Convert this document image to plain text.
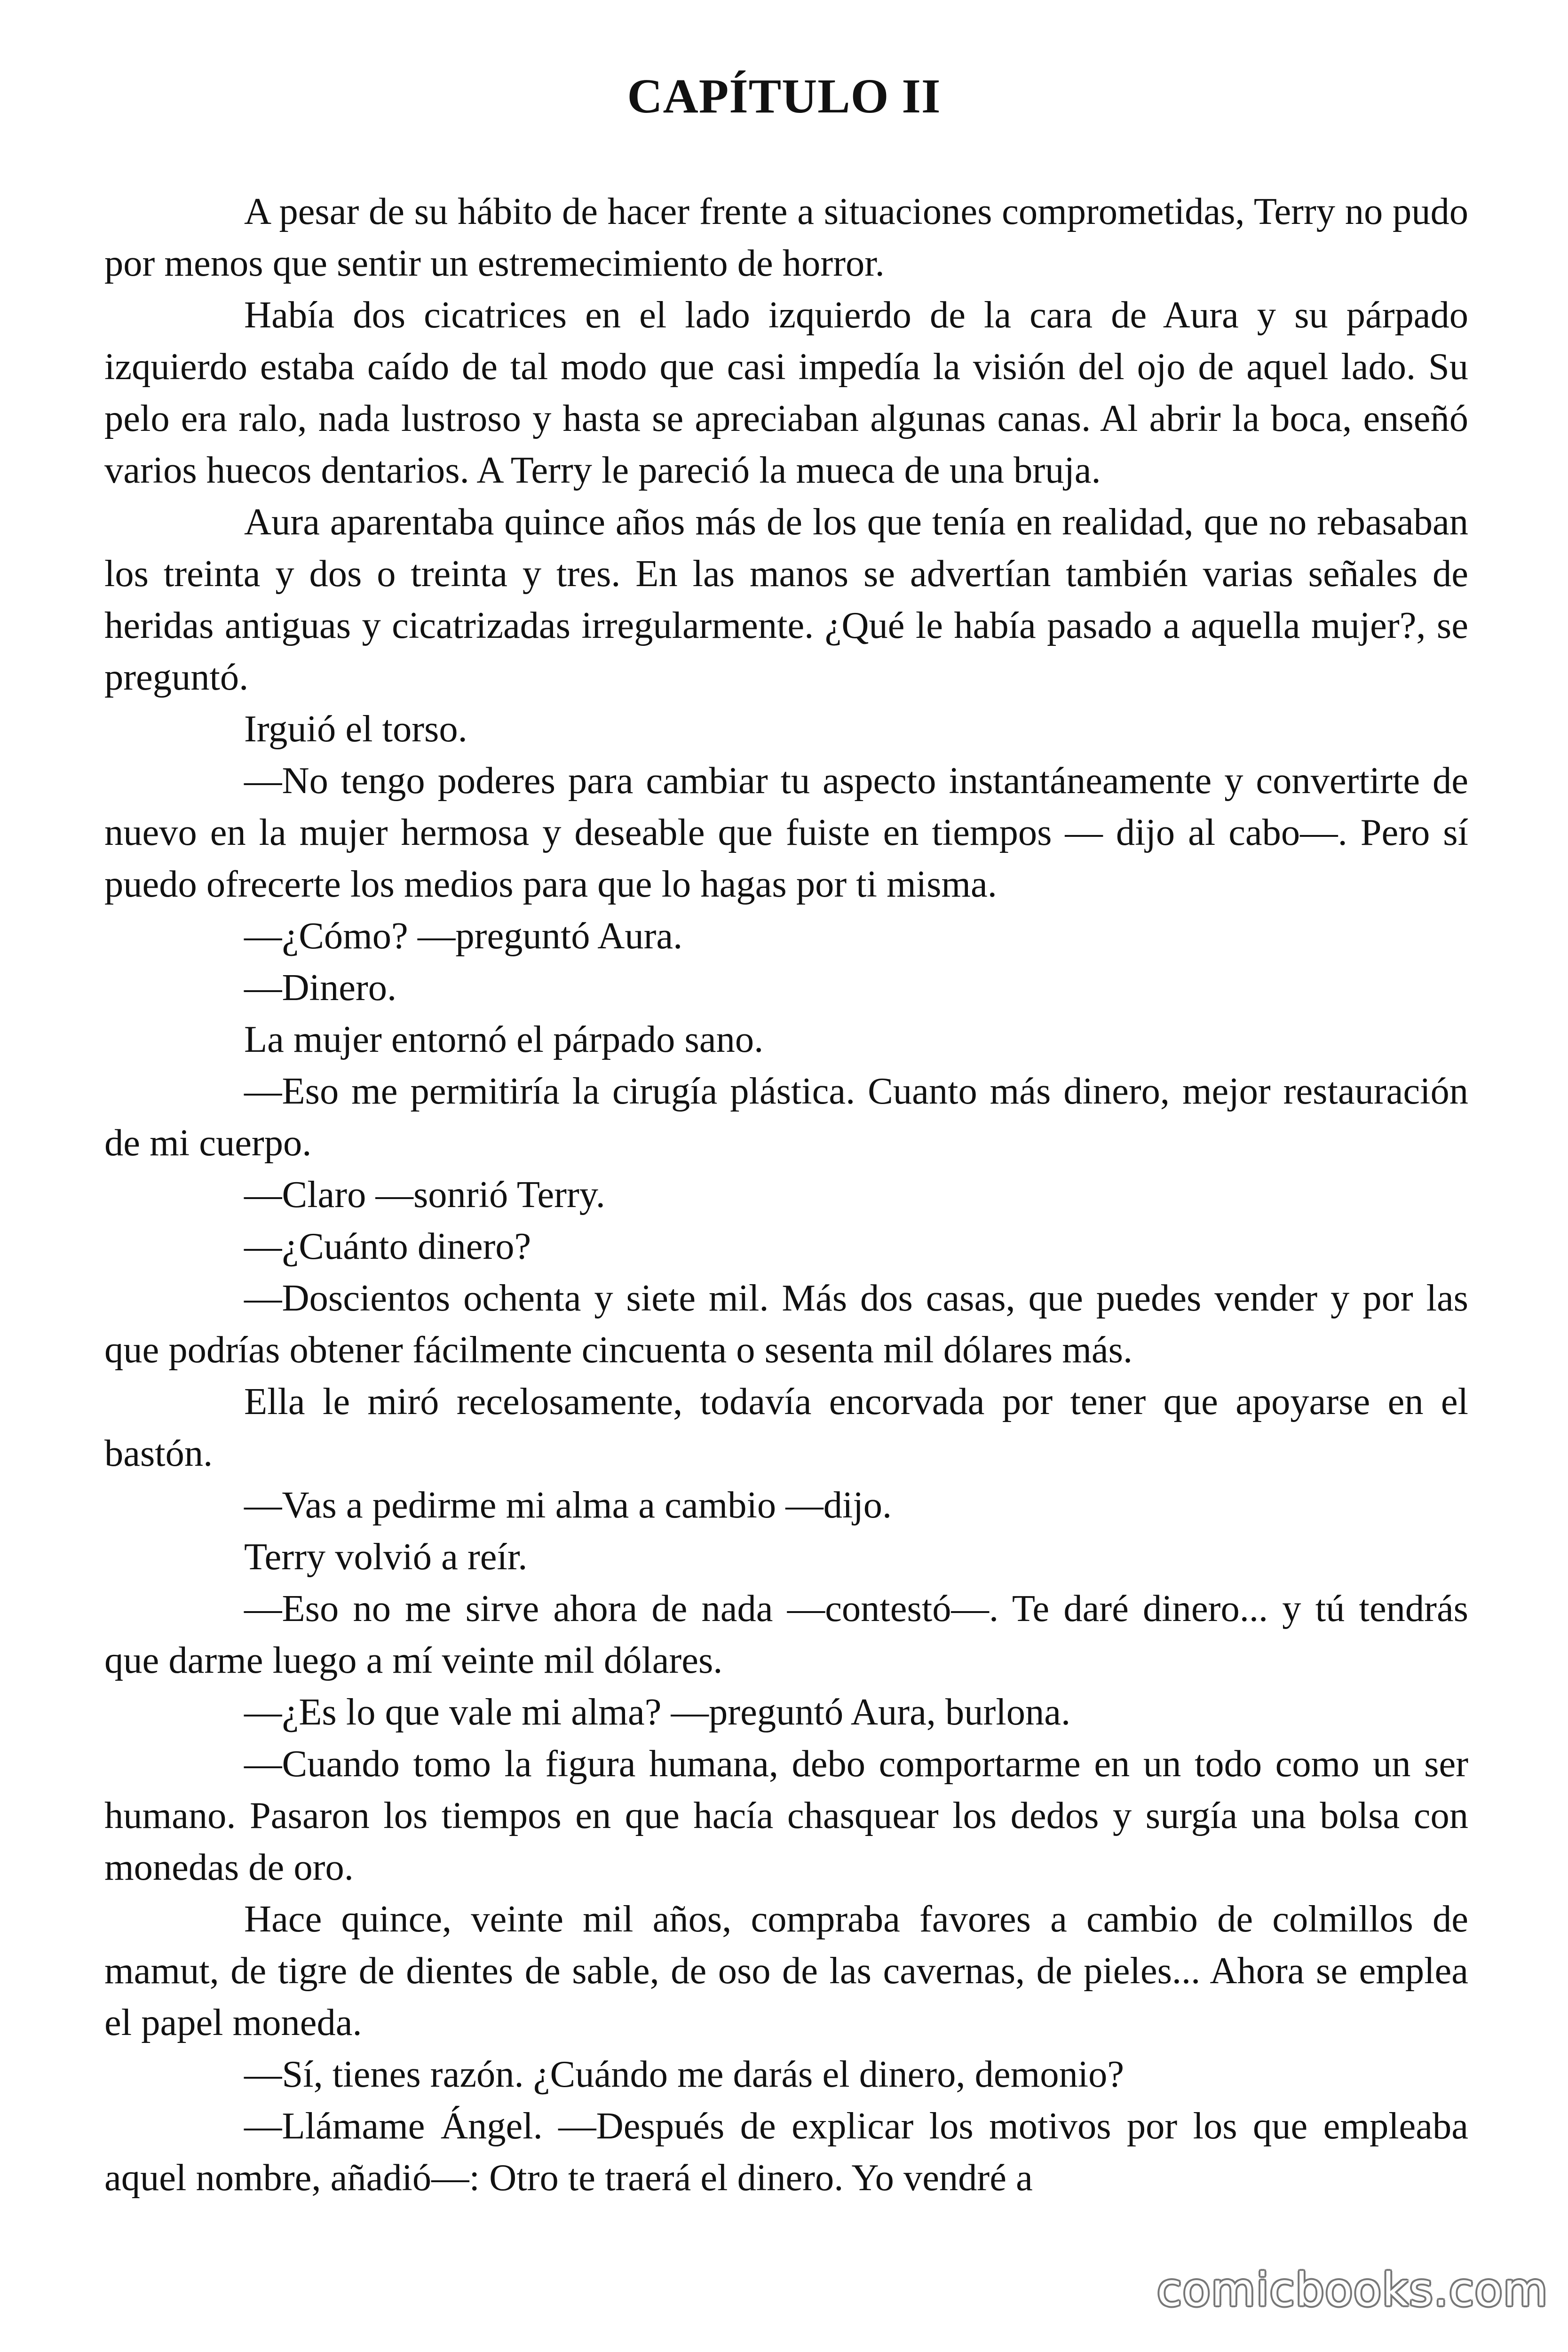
CAPÍTULO II

A pesar de su hábito de hacer frente a situaciones comprometidas, Terry no pudo por menos que sentir un estremecimiento de horror.

Había dos cicatrices en el lado izquierdo de la cara de Aura y su párpado izquierdo estaba caído de tal modo que casi impedía la visión del ojo de aquel lado. Su pelo era ralo, nada lustroso y hasta se apreciaban algunas canas. Al abrir la boca, enseñó varios huecos dentarios. A Terry le pareció la mueca de una bruja.

Aura aparentaba quince años más de los que tenía en realidad, que no rebasaban los treinta y dos o treinta y tres. En las manos se advertían también varias señales de heridas antiguas y cicatrizadas irregularmente. ¿Qué le había pasado a aquella mujer?, se preguntó.

Irguió el torso.

—No tengo poderes para cambiar tu aspecto instantáneamente y convertirte de nuevo en la mujer hermosa y deseable que fuiste en tiempos — dijo al cabo—. Pero sí puedo ofrecerte los medios para que lo hagas por ti misma.

—¿Cómo? —preguntó Aura.

—Dinero.

La mujer entornó el párpado sano.

—Eso me permitiría la cirugía plástica. Cuanto más dinero, mejor restauración de mi cuerpo.

—Claro —sonrió Terry.

—¿Cuánto dinero?

—Doscientos ochenta y siete mil. Más dos casas, que puedes vender y por las que podrías obtener fácilmente cincuenta o sesenta mil dólares más.

Ella le miró recelosamente, todavía encorvada por tener que apoyarse en el bastón.

—Vas a pedirme mi alma a cambio —dijo.

Terry volvió a reír.

—Eso no me sirve ahora de nada —contestó—. Te daré dinero... y tú tendrás que darme luego a mí veinte mil dólares.

—¿Es lo que vale mi alma? —preguntó Aura, burlona.

—Cuando tomo la figura humana, debo comportarme en un todo como un ser humano. Pasaron los tiempos en que hacía chasquear los dedos y surgía una bolsa con monedas de oro.

Hace quince, veinte mil años, compraba favores a cambio de colmillos de mamut, de tigre de dientes de sable, de oso de las cavernas, de pieles... Ahora se emplea el papel moneda.

—Sí, tienes razón. ¿Cuándo me darás el dinero, demonio?

—Llámame Ángel. —Después de explicar los motivos por los que empleaba aquel nombre, añadió—: Otro te traerá el dinero. Yo vendré a

comicbooks.com
